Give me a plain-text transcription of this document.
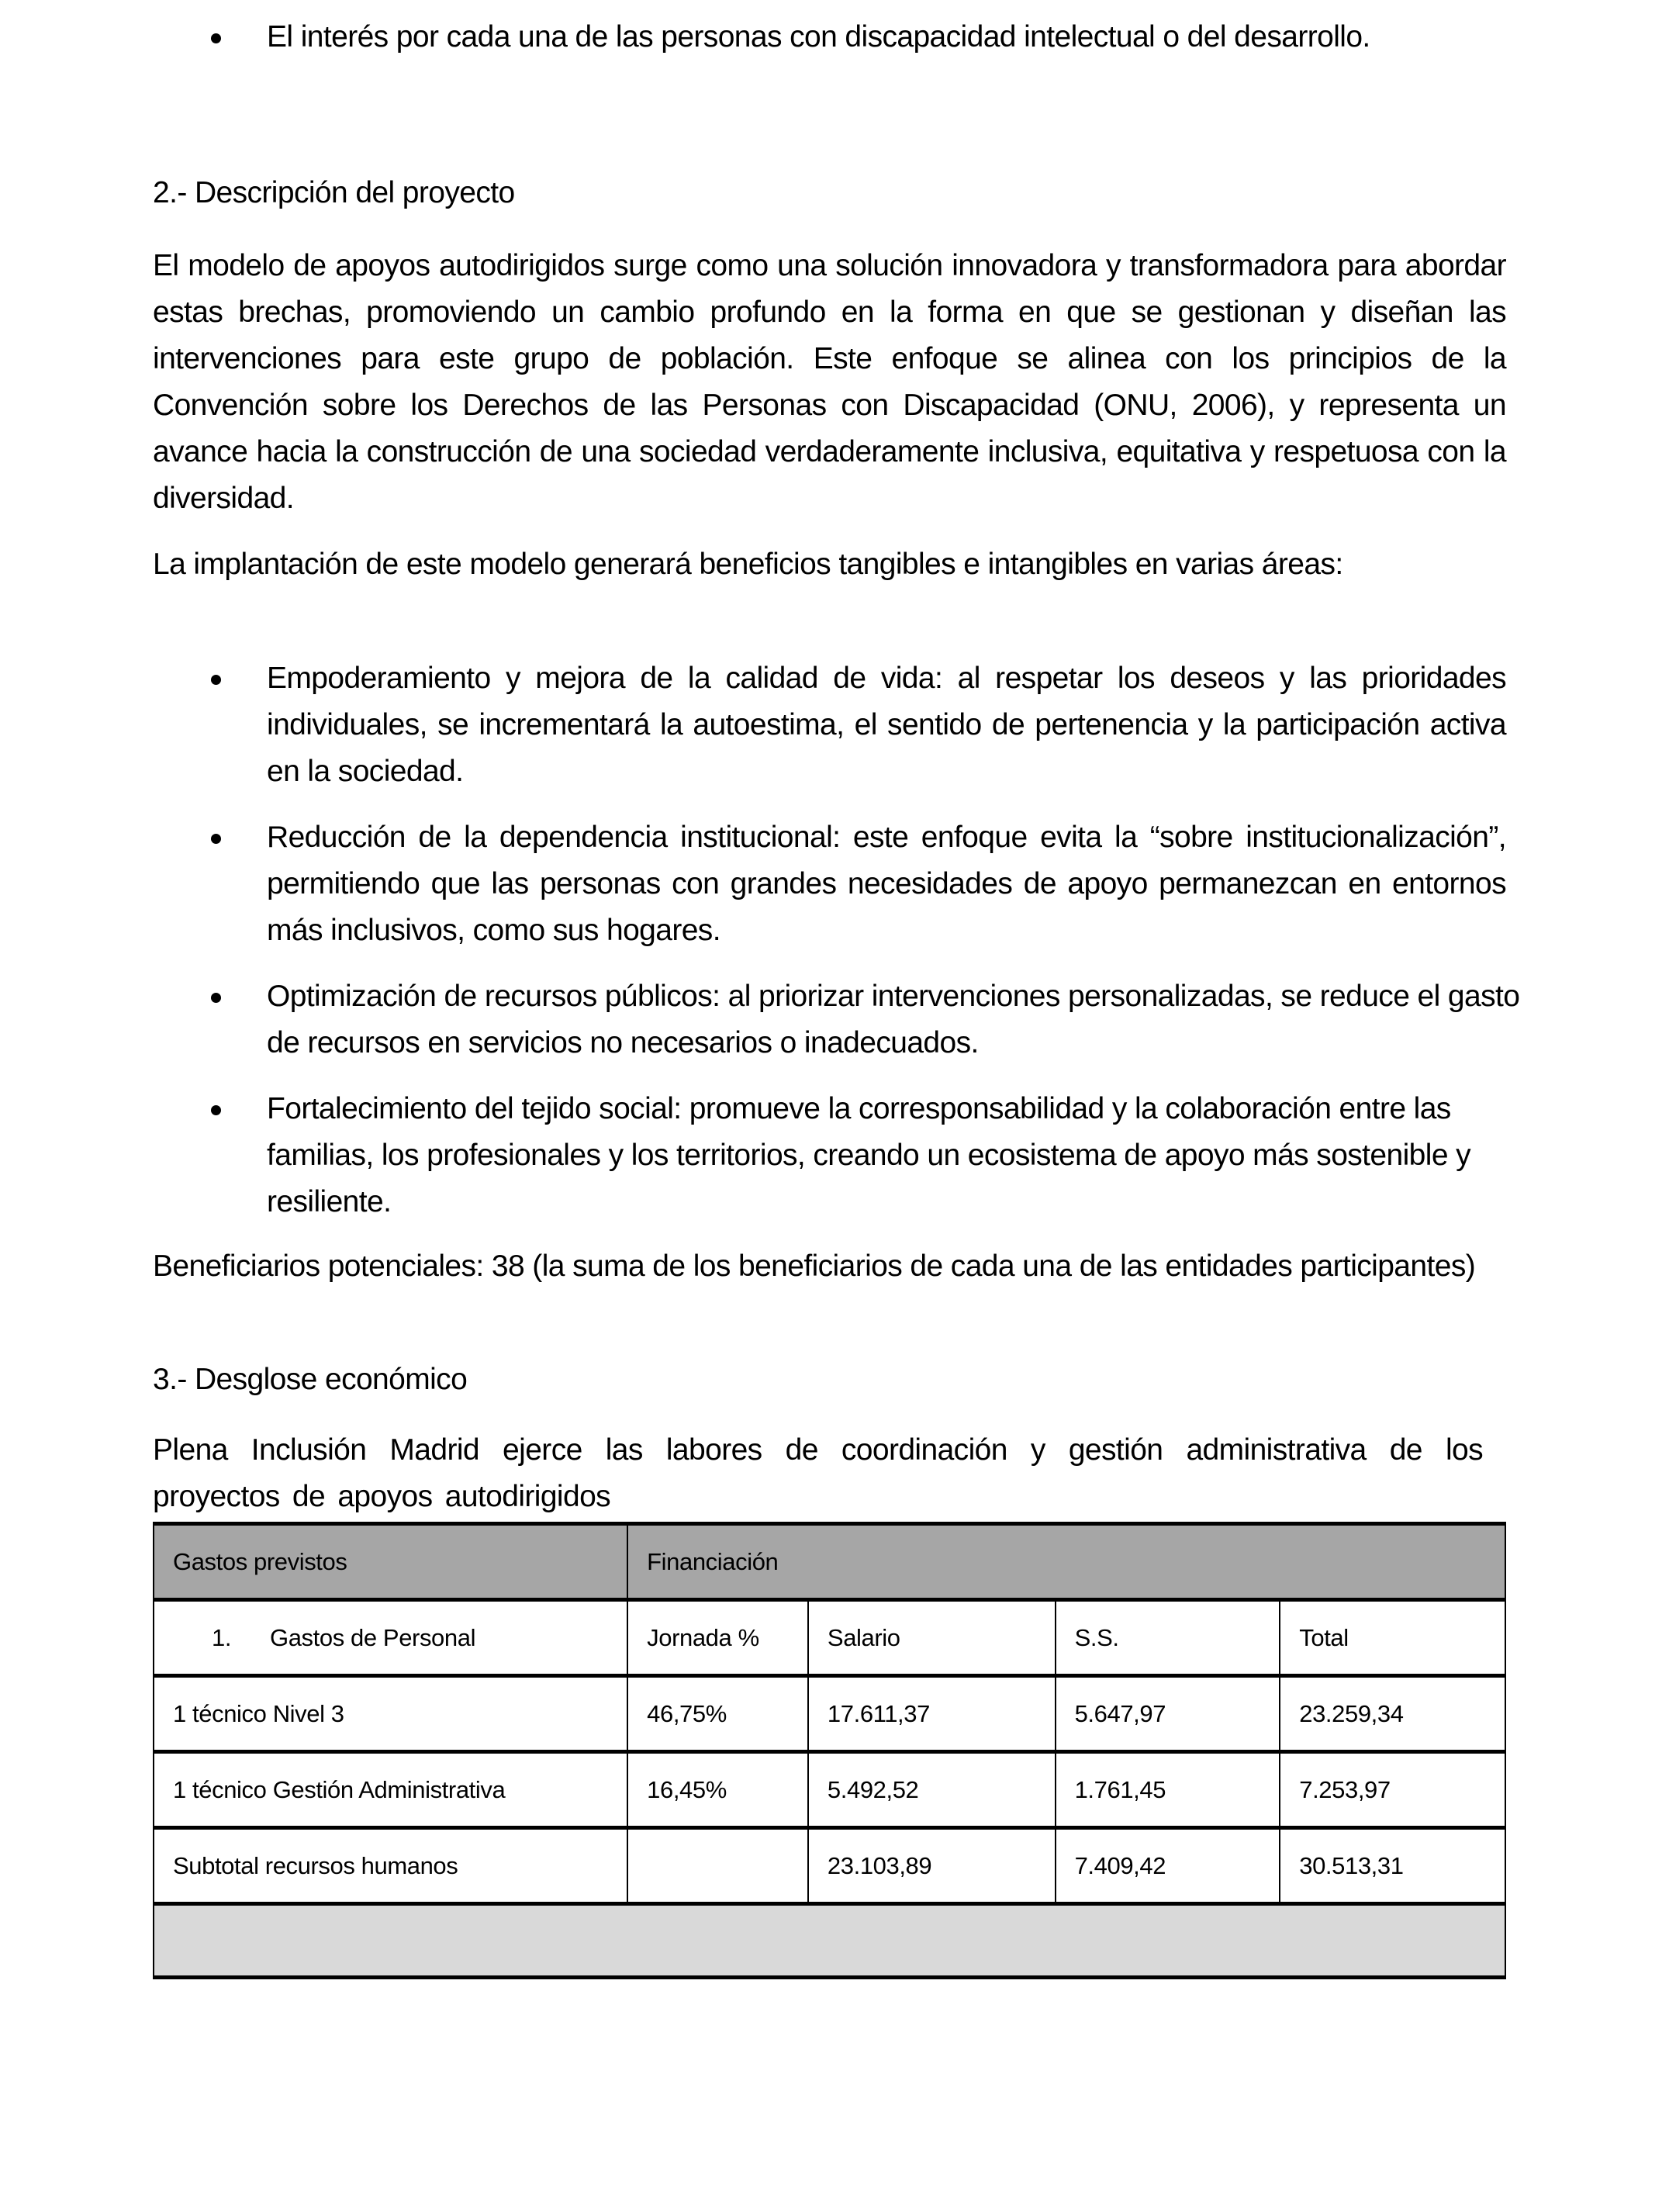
El interés por cada una de las personas con discapacidad intelectual o del desarrollo.
2.- Descripción del proyecto
El modelo de apoyos autodirigidos surge como una solución innovadora y transformadora para abordar estas brechas, promoviendo un cambio profundo en la forma en que se gestionan y diseñan las intervenciones para este grupo de población. Este enfoque se alinea con los principios de la Convención sobre los Derechos de las Personas con Discapacidad (ONU, 2006), y representa un avance hacia la construcción de una sociedad verdaderamente inclusiva, equitativa y respetuosa con la diversidad.
La implantación de este modelo generará beneficios tangibles e intangibles en varias áreas:
Empoderamiento y mejora de la calidad de vida: al respetar los deseos y las prioridades individuales, se incrementará la autoestima, el sentido de pertenencia y la participación activa en la sociedad.
Reducción de la dependencia institucional: este enfoque evita la “sobre institucionalización”, permitiendo que las personas con grandes necesidades de apoyo permanezcan en entornos más inclusivos, como sus hogares.
Optimización de recursos públicos: al priorizar intervenciones personalizadas, se reduce el gasto de recursos en servicios no necesarios o inadecuados.
Fortalecimiento del tejido social: promueve la corresponsabilidad y la colaboración entre las familias, los profesionales y los territorios, creando un ecosistema de apoyo más sostenible y resiliente.
Beneficiarios potenciales: 38 (la suma de los beneficiarios de cada una de las entidades participantes)
3.- Desglose económico
Plena Inclusión Madrid ejerce las labores de coordinación y gestión administrativa de los proyectos de apoyos autodirigidos
Gastos previstos	Financiación			
1. Gastos de Personal	Jornada %	Salario	S.S.	Total
1 técnico Nivel 3	46,75%	17.611,37	5.647,97	23.259,34
1 técnico Gestión Administrativa	16,45%	5.492,52	1.761,45	7.253,97
Subtotal recursos humanos		23.103,89	7.409,42	30.513,31
